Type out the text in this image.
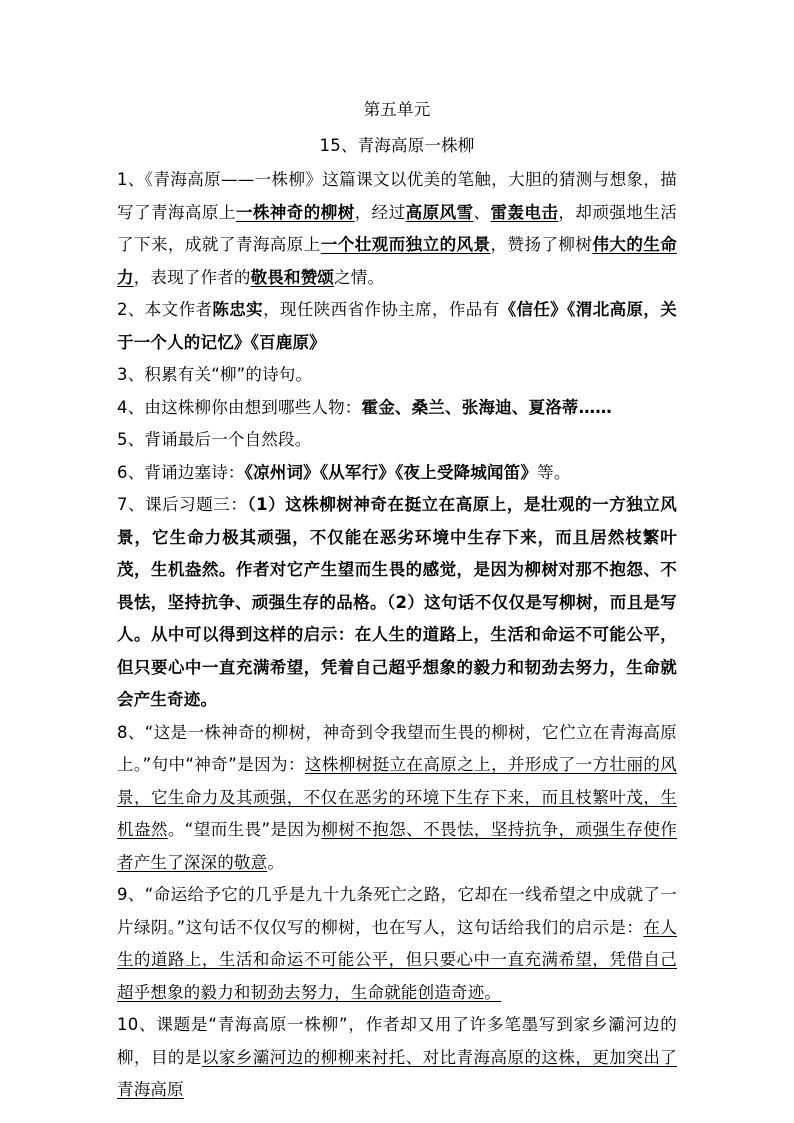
第五单元
15、青海高原一株柳
1、《青海高原——一株柳》这篇课文以优美的笔触，大胆的猜测与想象，描写了青海高原上一株神奇的柳树，经过高原风雪、雷轰电击，却顽强地生活了下来，成就了青海高原上一个壮观而独立的风景，赞扬了柳树伟大的生命力，表现了作者的敬畏和赞颂之情。
2、本文作者陈忠实，现任陕西省作协主席，作品有《信任》《渭北高原，关于一个人的记忆》《百鹿原》
3、积累有关“柳”的诗句。
4、由这株柳你由想到哪些人物：霍金、桑兰、张海迪、夏洛蒂……
5、背诵最后一个自然段。
6、背诵边塞诗：《凉州词》《从军行》《夜上受降城闻笛》等。
7、课后习题三：（1）这株柳树神奇在挺立在高原上，是壮观的一方独立风景，它生命力极其顽强，不仅能在恶劣环境中生存下来，而且居然枝繁叶茂，生机盎然。作者对它产生望而生畏的感觉，是因为柳树对那不抱怨、不畏怯，坚持抗争、顽强生存的品格。（2）这句话不仅仅是写柳树，而且是写人。从中可以得到这样的启示：在人生的道路上，生活和命运不可能公平，但只要心中一直充满希望，凭着自己超乎想象的毅力和韧劲去努力，生命就会产生奇迹。
8、“这是一株神奇的柳树，神奇到令我望而生畏的柳树，它伫立在青海高原上。”句中“神奇”是因为：这株柳树挺立在高原之上，并形成了一方壮丽的风景，它生命力及其顽强，不仅在恶劣的环境下生存下来，而且枝繁叶茂，生机盎然。“望而生畏”是因为柳树不抱怨、不畏怯，坚持抗争，顽强生存使作者产生了深深的敬意。
9、“命运给予它的几乎是九十九条死亡之路，它却在一线希望之中成就了一片绿阴。”这句话不仅仅写的柳树，也在写人，这句话给我们的启示是：在人生的道路上，生活和命运不可能公平，但只要心中一直充满希望，凭借自己超乎想象的毅力和韧劲去努力，生命就能创造奇迹。
10、课题是“青海高原一株柳”，作者却又用了许多笔墨写到家乡灞河边的柳，目的是以家乡灞河边的柳柳来衬托、对比青海高原的这株，更加突出了青海高原
